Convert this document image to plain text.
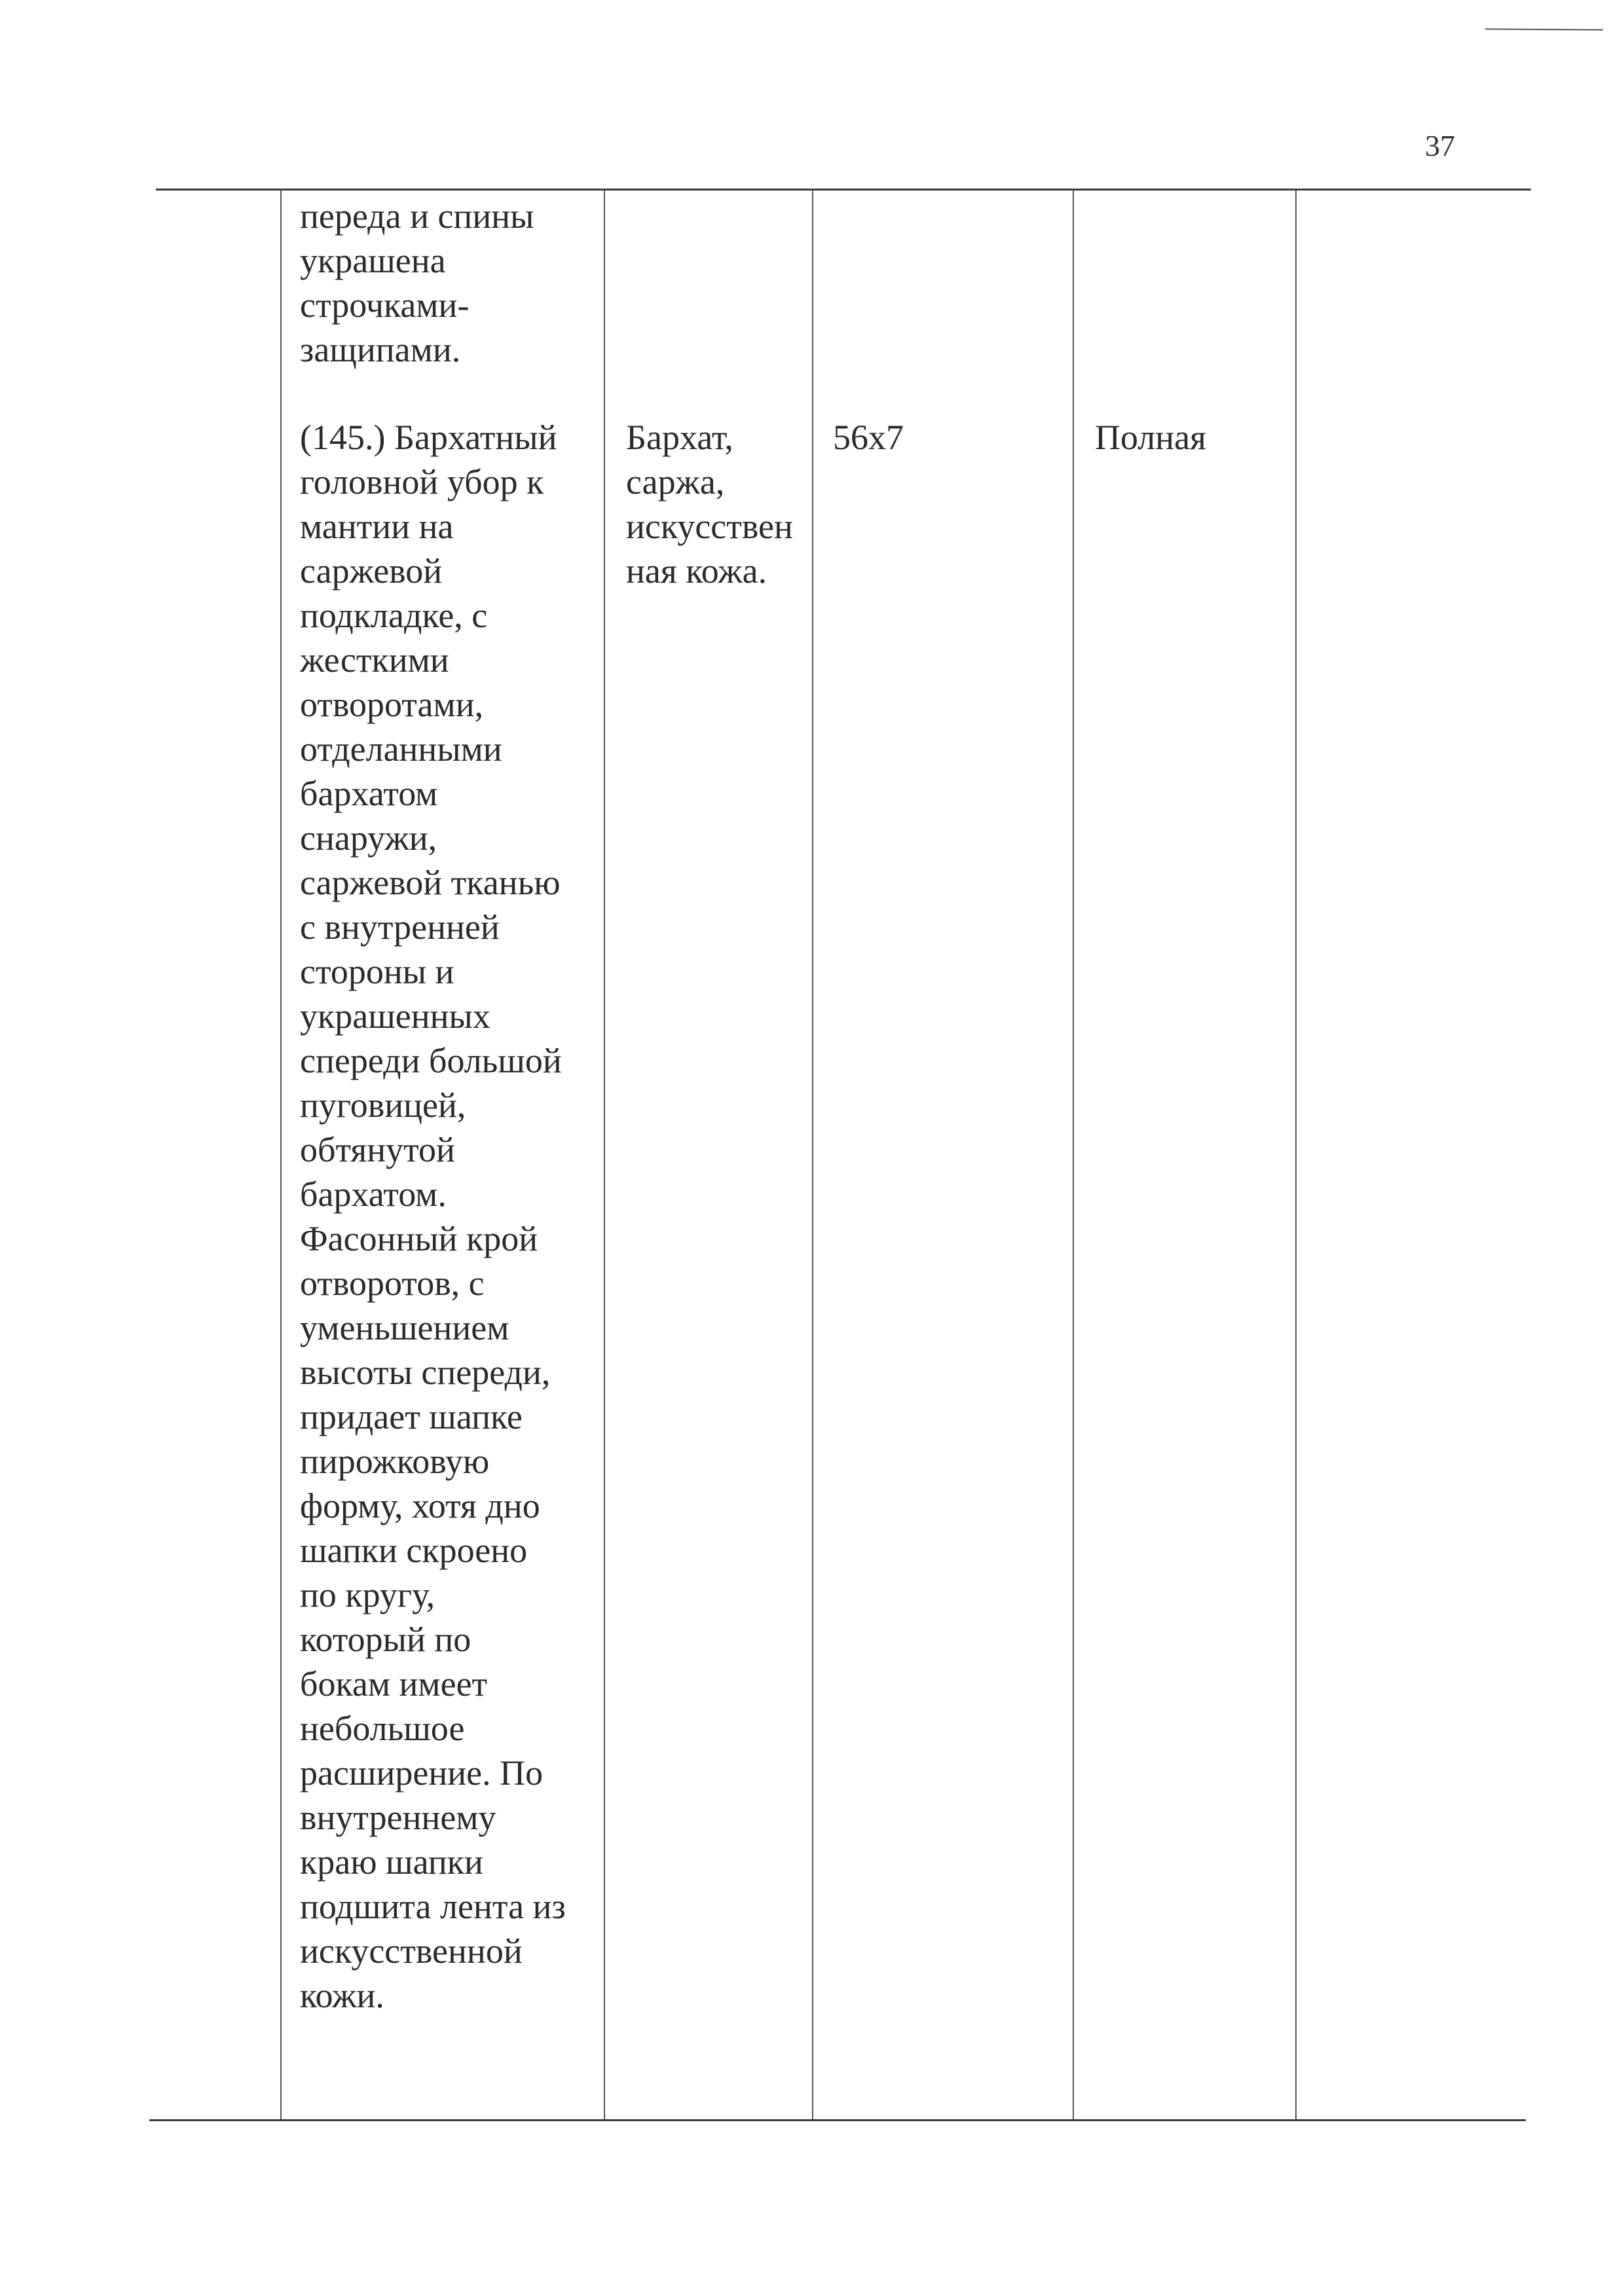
37
переда и спины
украшена
строчками-
защипами.
(145.) Бархатный
головной убор к
мантии на
саржевой
подкладке, с
жесткими
отворотами,
отделанными
бархатом
снаружи,
саржевой тканью
с внутренней
стороны и
украшенных
спереди большой
пуговицей,
обтянутой
бархатом.
Фасонный крой
отворотов, с
уменьшением
высоты спереди,
придает шапке
пирожковую
форму, хотя дно
шапки скроено
по кругу,
который по
бокам имеет
небольшое
расширение. По
внутреннему
краю шапки
подшита лента из
искусственной
кожи.
Бархат,
саржа,
искусствен
ная кожа.
56x7	Полная
